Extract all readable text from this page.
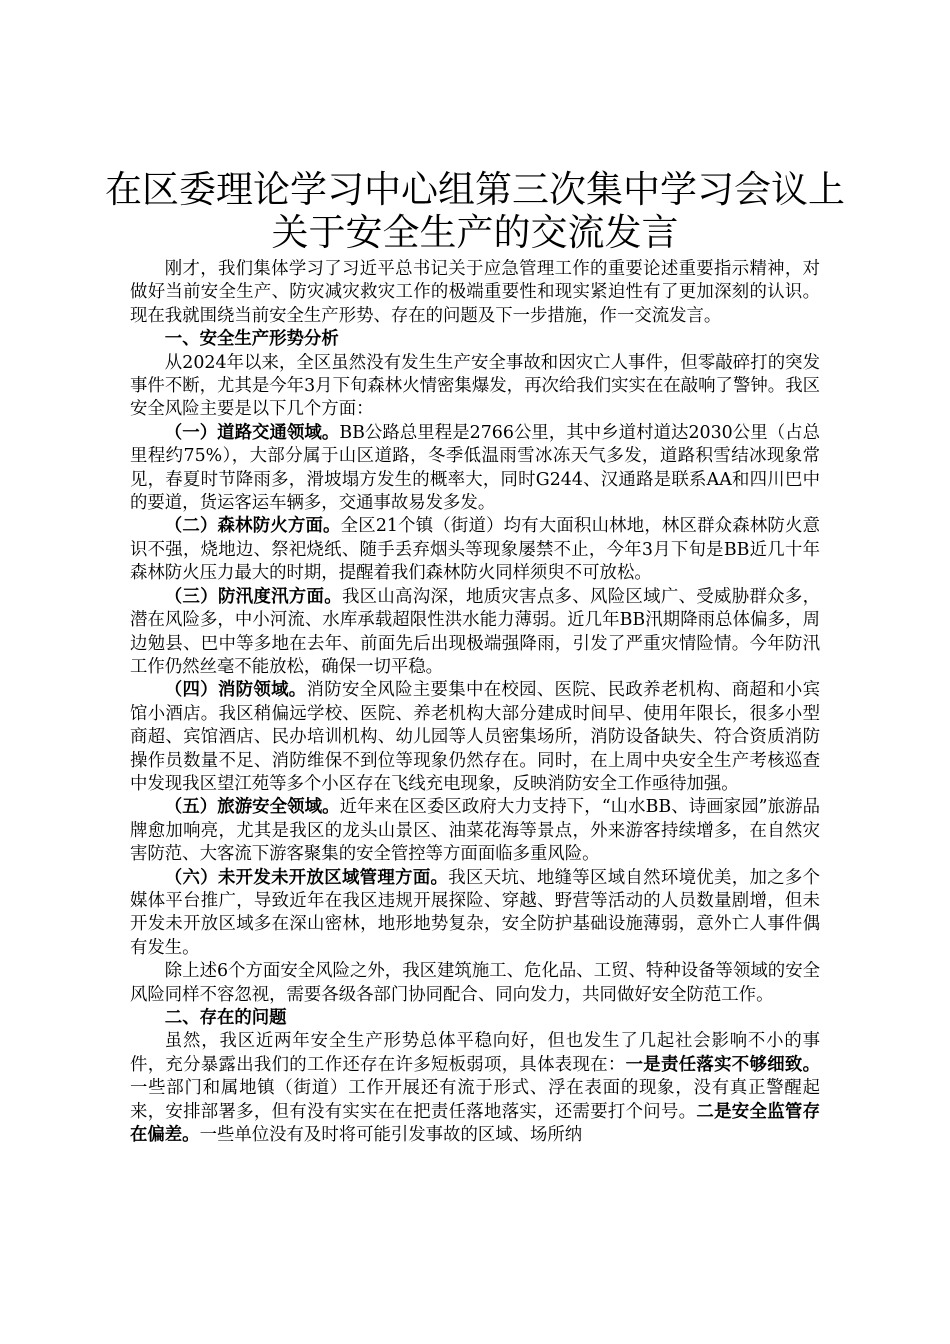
在区委理论学习中心组第三次集中学习会议上
关于安全生产的交流发言

刚才，我们集体学习了习近平总书记关于应急管理工作的重要论述重要指示精神，对做好当前安全生产、防灾减灾救灾工作的极端重要性和现实紧迫性有了更加深刻的认识。现在我就围绕当前安全生产形势、存在的问题及下一步措施，作一交流发言。

一、安全生产形势分析

从2024年以来，全区虽然没有发生生产安全事故和因灾亡人事件，但零敲碎打的突发事件不断，尤其是今年3月下旬森林火情密集爆发，再次给我们实实在在敲响了警钟。我区安全风险主要是以下几个方面：

（一）道路交通领域。BB公路总里程是2766公里，其中乡道村道达2030公里（占总里程约75%），大部分属于山区道路，冬季低温雨雪冰冻天气多发，道路积雪结冰现象常见，春夏时节降雨多，滑坡塌方发生的概率大，同时G244、汉通路是联系AA和四川巴中的要道，货运客运车辆多，交通事故易发多发。

（二）森林防火方面。全区21个镇（街道）均有大面积山林地，林区群众森林防火意识不强，烧地边、祭祀烧纸、随手丢弃烟头等现象屡禁不止，今年3月下旬是BB近几十年森林防火压力最大的时期，提醒着我们森林防火同样须臾不可放松。

（三）防汛度汛方面。我区山高沟深，地质灾害点多、风险区域广、受威胁群众多，潜在风险多，中小河流、水库承载超限性洪水能力薄弱。近几年BB汛期降雨总体偏多，周边勉县、巴中等多地在去年、前面先后出现极端强降雨，引发了严重灾情险情。今年防汛工作仍然丝毫不能放松，确保一切平稳。

（四）消防领域。消防安全风险主要集中在校园、医院、民政养老机构、商超和小宾馆小酒店。我区稍偏远学校、医院、养老机构大部分建成时间早、使用年限长，很多小型商超、宾馆酒店、民办培训机构、幼儿园等人员密集场所，消防设备缺失、符合资质消防操作员数量不足、消防维保不到位等现象仍然存在。同时，在上周中央安全生产考核巡查中发现我区望江苑等多个小区存在飞线充电现象，反映消防安全工作亟待加强。

（五）旅游安全领域。近年来在区委区政府大力支持下，“山水BB、诗画家园”旅游品牌愈加响亮，尤其是我区的龙头山景区、油菜花海等景点，外来游客持续增多，在自然灾害防范、大客流下游客聚集的安全管控等方面面临多重风险。

（六）未开发未开放区域管理方面。我区天坑、地缝等区域自然环境优美，加之多个媒体平台推广，导致近年在我区违规开展探险、穿越、野营等活动的人员数量剧增，但未开发未开放区域多在深山密林，地形地势复杂，安全防护基础设施薄弱，意外亡人事件偶有发生。

除上述6个方面安全风险之外，我区建筑施工、危化品、工贸、特种设备等领域的安全风险同样不容忽视，需要各级各部门协同配合、同向发力，共同做好安全防范工作。

二、存在的问题

虽然，我区近两年安全生产形势总体平稳向好，但也发生了几起社会影响不小的事件，充分暴露出我们的工作还存在许多短板弱项，具体表现在：一是责任落实不够细致。一些部门和属地镇（街道）工作开展还有流于形式、浮在表面的现象，没有真正警醒起来，安排部署多，但有没有实实在在把责任落地落实，还需要打个问号。二是安全监管存在偏差。一些单位没有及时将可能引发事故的区域、场所纳
